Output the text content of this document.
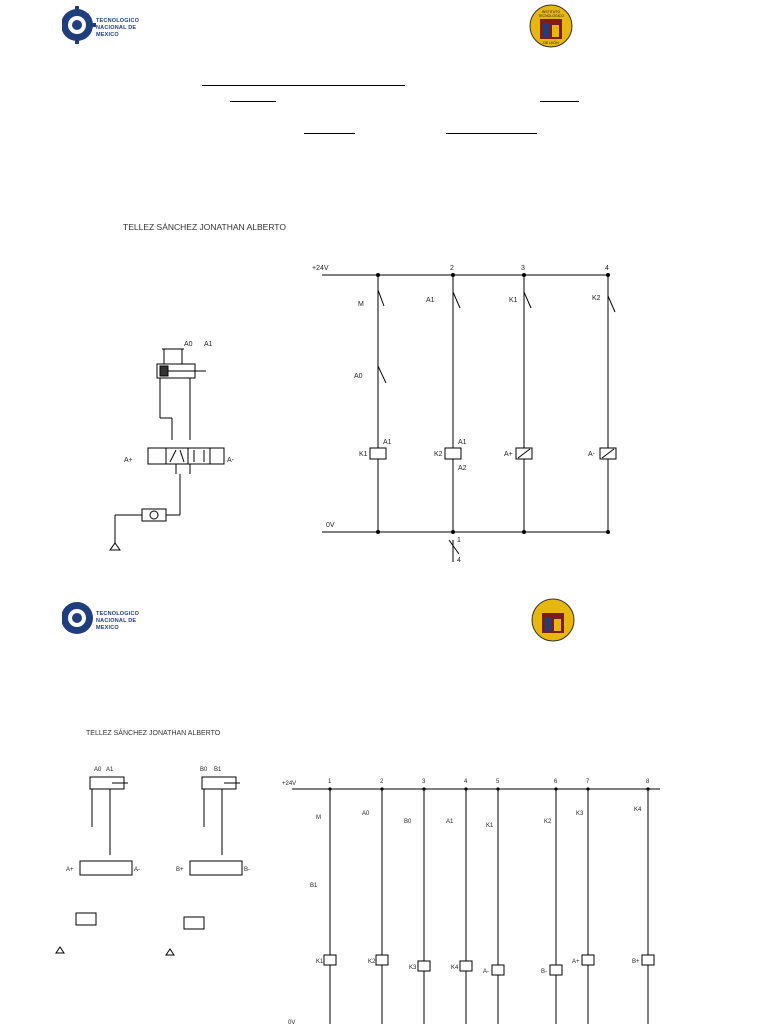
TECNOLOGICO
NACIONAL DE MEXICO
INSTITUTO
TECNOLOGICO
DE LEÓN
TELLEZ SÁNCHEZ JONATHAN ALBERTO
A0 A1
A+	A-
+24V
0V
2	3	4
M
A0
A1	K1	K2
K1	K2	A+	A-
A1	A1
A2
1
4
TECNOLOGICO
NACIONAL DE MEXICO
TELLEZ SÁNCHEZ JONATHAN ALBERTO
+24V
0V
1	2	3	4	5	6	7	8
A0 A1	B0 B1
A+	A-	B+	B-
M
A0
B0	A1
K1
K2
K3
K4
B1
K1	K2
K3	K4
A-	B-
A+	B+
